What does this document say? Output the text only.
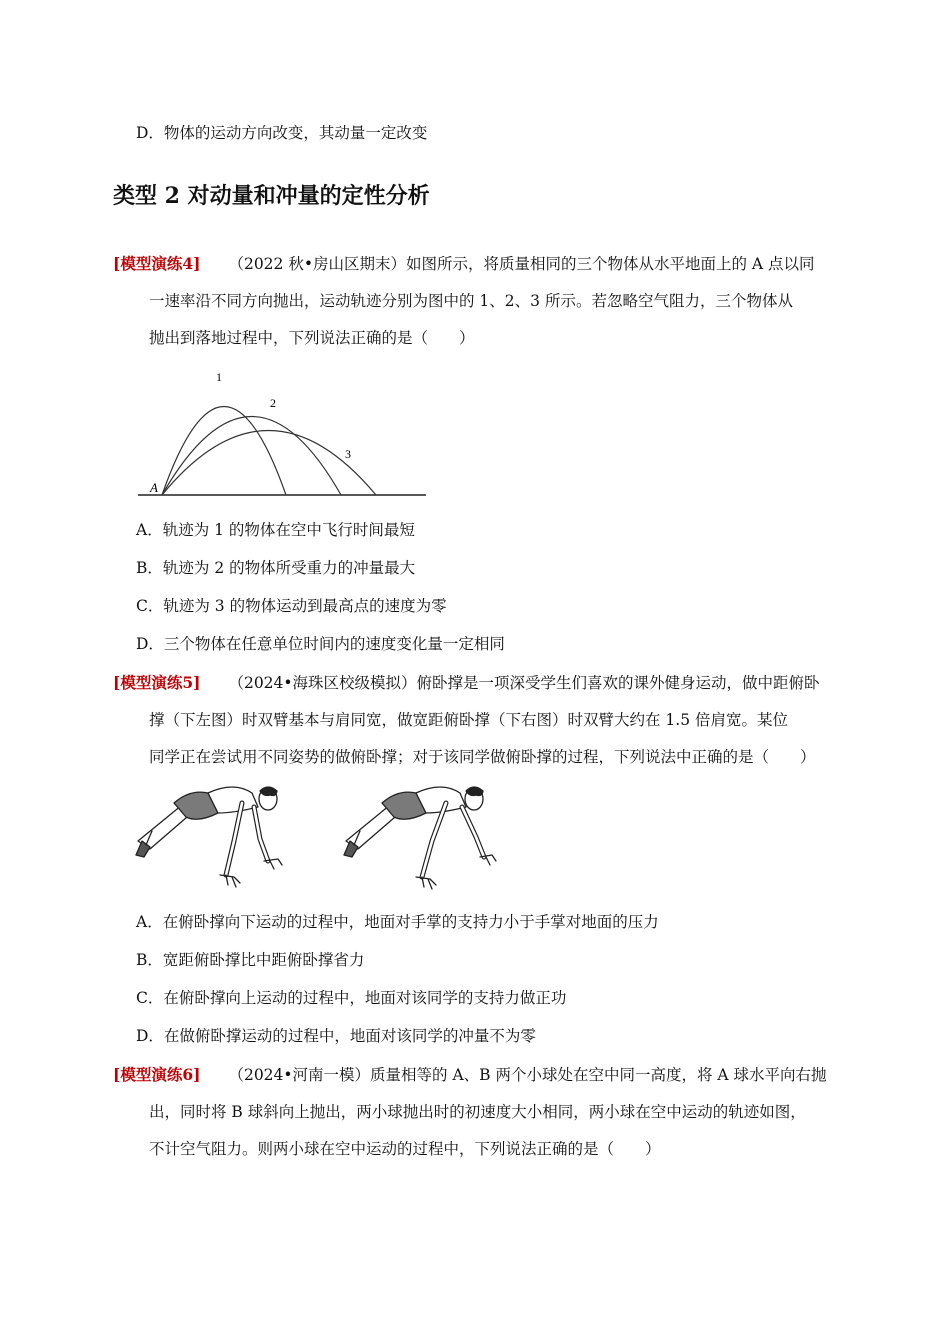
D．物体的运动方向改变，其动量一定改变
类型 2 对动量和冲量的定性分析
[模型演练4] （2022 秋•房山区期末）如图所示，将质量相同的三个物体从水平地面上的 A 点以同
一速率沿不同方向抛出，运动轨迹分别为图中的 1、2、3 所示。若忽略空气阻力，三个物体从
抛出到落地过程中，下列说法正确的是（　　）
A
1
2
3
A．轨迹为 1 的物体在空中飞行时间最短
B．轨迹为 2 的物体所受重力的冲量最大
C．轨迹为 3 的物体运动到最高点的速度为零
D．三个物体在任意单位时间内的速度变化量一定相同
[模型演练5] （2024•海珠区校级模拟）俯卧撑是一项深受学生们喜欢的课外健身运动，做中距俯卧
撑（下左图）时双臂基本与肩同宽，做宽距俯卧撑（下右图）时双臂大约在 1.5 倍肩宽。某位
同学正在尝试用不同姿势的做俯卧撑；对于该同学做俯卧撑的过程，下列说法中正确的是（　　）
A．在俯卧撑向下运动的过程中，地面对手掌的支持力小于手掌对地面的压力
B．宽距俯卧撑比中距俯卧撑省力
C．在俯卧撑向上运动的过程中，地面对该同学的支持力做正功
D．在做俯卧撑运动的过程中，地面对该同学的冲量不为零
[模型演练6] （2024•河南一模）质量相等的 A、B 两个小球处在空中同一高度，将 A 球水平向右抛
出，同时将 B 球斜向上抛出，两小球抛出时的初速度大小相同，两小球在空中运动的轨迹如图，
不计空气阻力。则两小球在空中运动的过程中，下列说法正确的是（　　）
